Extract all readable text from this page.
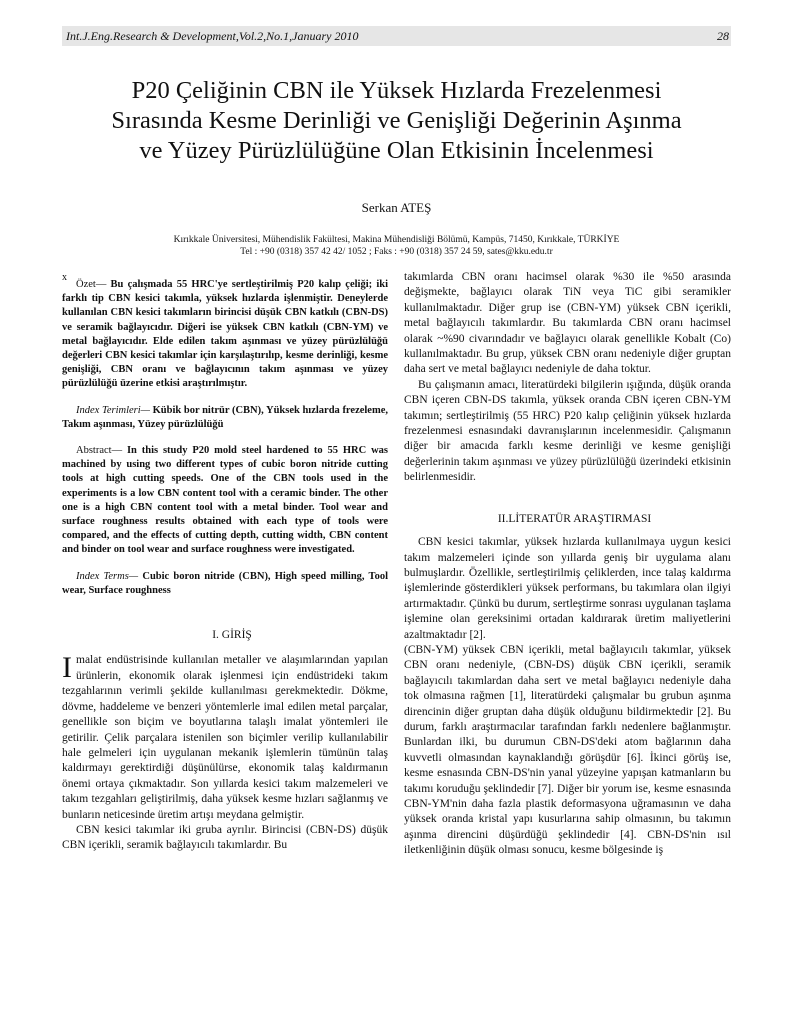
Int.J.Eng.Research & Development,Vol.2,No.1,January 2010	28
P20 Çeliğinin CBN ile Yüksek Hızlarda Frezelenmesi
Sırasında Kesme Derinliği ve Genişliği Değerinin Aşınma
ve Yüzey Pürüzlülüğüne Olan Etkisinin İncelenmesi
Serkan ATEŞ
Kırıkkale Üniversitesi, Mühendislik Fakültesi, Makina Mühendisliği Bölümü, Kampüs, 71450, Kırıkkale, TÜRKİYE
Tel : +90 (0318) 357 42 42/ 1052 ; Faks : +90 (0318) 357 24 59, sates@kku.edu.tr
x

Özet— Bu çalışmada 55 HRC'ye sertleştirilmiş P20 kalıp çeliği; iki farklı tip CBN kesici takımla, yüksek hızlarda işlenmiştir. Deneylerde kullanılan CBN kesici takımların birincisi düşük CBN katkılı (CBN-DS) ve seramik bağlayıcıdır. Diğeri ise yüksek CBN katkılı (CBN-YM) ve metal bağlayıcıdır. Elde edilen takım aşınması ve yüzey pürüzlülüğü değerleri CBN kesici takımlar için karşılaştırılıp, kesme derinliği, kesme genişliği, CBN oranı ve bağlayıcının takım aşınması ve yüzey pürüzlülüğü üzerine etkisi araştırılmıştır.

Index Terimleri— Kübik bor nitrür (CBN), Yüksek hızlarda frezeleme, Takım aşınması, Yüzey pürüzlülüğü

Abstract— In this study P20 mold steel hardened to 55 HRC was machined by using two different types of cubic boron nitride cutting tools at high cutting speeds. One of the CBN tools used in the experiments is a low CBN content tool with a ceramic binder. The other one is a high CBN content tool with a metal binder. Tool wear and surface roughness results obtained with each type of tools were compared, and the effects of cutting depth, cutting width, CBN content and binder on tool wear and surface roughness were investigated.

Index Terms— Cubic boron nitride (CBN), High speed milling, Tool wear, Surface roughness

I. GİRİŞ

Imalat endüstrisinde kullanılan metaller ve alaşımlarından yapılan ürünlerin, ekonomik olarak işlenmesi için endüstrideki takım tezgahlarının verimli şekilde kullanılması gerekmektedir. Dökme, dövme, haddeleme ve benzeri yöntemlerle imal edilen metal parçalar, genellikle son biçim ve boyutlarına talaşlı imalat yöntemleri ile getirilir. Çelik parçalara istenilen son biçimler verilip kullanılabilir hale gelmeleri için uygulanan mekanik işlemlerin tümünün talaş kaldırmayı gerektirdiği düşünülürse, ekonomik talaş kaldırmanın önemi ortaya çıkmaktadır. Son yıllarda kesici takım malzemeleri ve takım tezgahları geliştirilmiş, daha yüksek kesme hızları sağlanmış ve bunların neticesinde üretim artışı meydana gelmiştir.

CBN kesici takımlar iki gruba ayrılır. Birincisi (CBN-DS) düşük CBN içerikli, seramik bağlayıcılı takımlardır. Bu

takımlarda CBN oranı hacimsel olarak %30 ile %50 arasında değişmekte, bağlayıcı olarak TiN veya TiC gibi seramikler kullanılmaktadır. Diğer grup ise (CBN-YM) yüksek CBN içerikli, metal bağlayıcılı takımlardır. Bu takımlarda CBN oranı hacimsel olarak ~%90 civarındadır ve bağlayıcı olarak genellikle Kobalt (Co) kullanılmaktadır. Bu grup, yüksek CBN oranı nedeniyle diğer gruptan daha sert ve metal bağlayıcı nedeniyle de daha toktur.

Bu çalışmanın amacı, literatürdeki bilgilerin ışığında, düşük oranda CBN içeren CBN-DS takımla, yüksek oranda CBN içeren CBN-YM takımın; sertleştirilmiş (55 HRC) P20 kalıp çeliğinin yüksek hızlarda frezelenmesi esnasındaki davranışlarının incelenmesidir. Çalışmanın diğer bir amacıda farklı kesme derinliği ve kesme genişliği değerlerinin takım aşınması ve yüzey pürüzlülüğü üzerindeki etkisinin belirlenmesidir.

II.LİTERATÜR ARAŞTIRMASI

CBN kesici takımlar, yüksek hızlarda kullanılmaya uygun kesici takım malzemeleri içinde son yıllarda geniş bir uygulama alanı bulmuşlardır. Özellikle, sertleştirilmiş çeliklerden, ince talaş kaldırma işlemlerinde gösterdikleri yüksek performans, bu takımlara olan ilgiyi artırmaktadır. Çünkü bu durum, sertleştirme sonrası uygulanan taşlama işlemine olan gereksinimi ortadan kaldırarak üretim maliyetlerini azaltmaktadır [2].

(CBN-YM) yüksek CBN içerikli, metal bağlayıcılı takımlar, yüksek CBN oranı nedeniyle, (CBN-DS) düşük CBN içerikli, seramik bağlayıcılı takımlardan daha sert ve metal bağlayıcı nedeniyle daha tok olmasına rağmen [1], literatürdeki çalışmalar bu grubun aşınma direncinin diğer gruptan daha düşük olduğunu bildirmektedir [2]. Bu durum, farklı araştırmacılar tarafından farklı nedenlere bağlanmıştır. Bunlardan ilki, bu durumun CBN-DS'deki atom bağlarının daha kuvvetli olmasından kaynaklandığı görüşdür [6]. İkinci görüş ise, kesme esnasında CBN-DS'nin yanal yüzeyine yapışan katmanların bu takımı koruduğu şeklindedir [7]. Diğer bir yorum ise, kesme esnasında CBN-YM'nin daha fazla plastik deformasyona uğramasının ve daha yüksek oranda kristal yapı kusurlarına sahip olmasının, bu takımın aşınma direncini düşürdüğü şeklindedir [4]. CBN-DS'nin ısıl iletkenliğinin düşük olması sonucu, kesme bölgesinde iş
